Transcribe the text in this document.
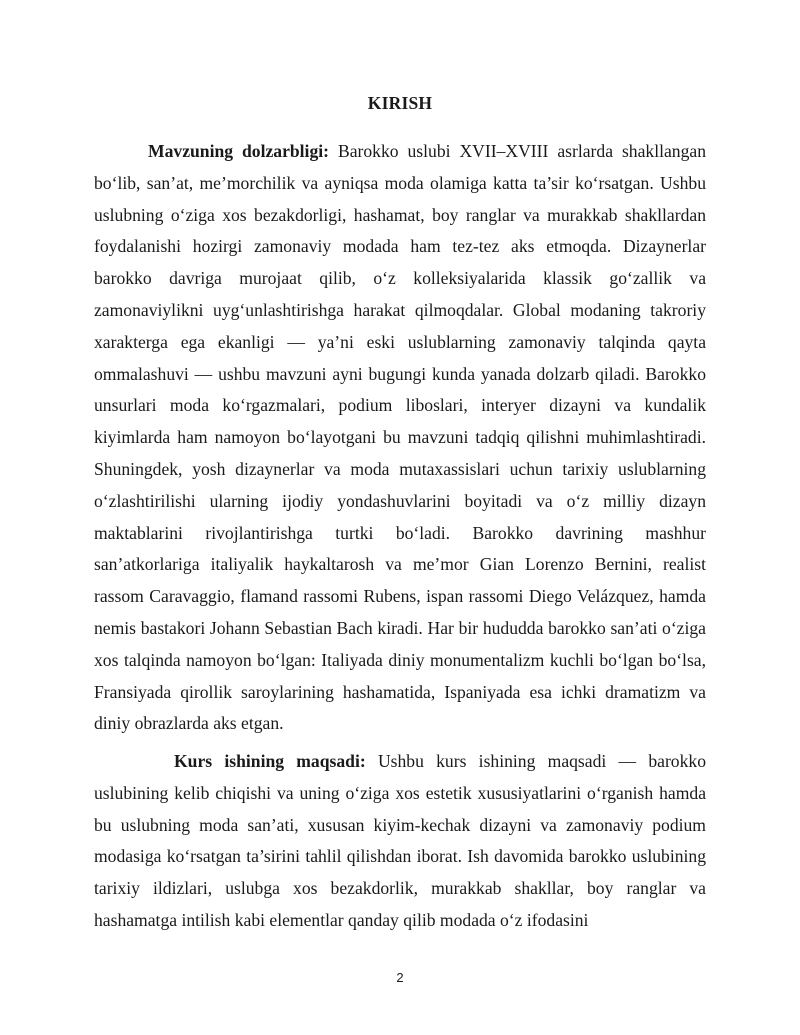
KIRISH

Mavzuning dolzarbligi: Barokko uslubi XVII–XVIII asrlarda shakllangan bo‘lib, san’at, me’morchilik va ayniqsa moda olamiga katta ta’sir ko‘rsatgan. Ushbu uslubning o‘ziga xos bezakdorligi, hashamat, boy ranglar va murakkab shakllardan foydalanishi hozirgi zamonaviy modada ham tez-tez aks etmoqda. Dizaynerlar barokko davriga murojaat qilib, o‘z kolleksiyalarida klassik go‘zallik va zamonaviylikni uyg‘unlashtirishga harakat qilmoqdalar. Global modaning takroriy xarakterga ega ekanligi — ya’ni eski uslublarning zamonaviy talqinda qayta ommalashuvi — ushbu mavzuni ayni bugungi kunda yanada dolzarb qiladi. Barokko unsurlari moda ko‘rgazmalari, podium liboslari, interyer dizayni va kundalik kiyimlarda ham namoyon bo‘layotgani bu mavzuni tadqiq qilishni muhimlashtiradi. Shuningdek, yosh dizaynerlar va moda mutaxassislari uchun tarixiy uslublarning o‘zlashtirilishi ularning ijodiy yondashuvlarini boyitadi va o‘z milliy dizayn maktablarini rivojlantirishga turtki bo‘ladi. Barokko davrining mashhur san’atkorlariga italiyalik haykaltarosh va me’mor Gian Lorenzo Bernini, realist rassom Caravaggio, flamand rassomi Rubens, ispan rassomi Diego Velázquez, hamda nemis bastakori Johann Sebastian Bach kiradi. Har bir hududda barokko san’ati o‘ziga xos talqinda namoyon bo‘lgan: Italiyada diniy monumentalizm kuchli bo‘lgan bo‘lsa, Fransiyada qirollik saroylarining hashamatida, Ispaniyada esa ichki dramatizm va diniy obrazlarda aks etgan.

Kurs ishining maqsadi: Ushbu kurs ishining maqsadi — barokko uslubining kelib chiqishi va uning o‘ziga xos estetik xususiyatlarini o‘rganish hamda bu uslubning moda san’ati, xususan kiyim-kechak dizayni va zamonaviy podium modasiga ko‘rsatgan ta’sirini tahlil qilishdan iborat. Ish davomida barokko uslubining tarixiy ildizlari, uslubga xos bezakdorlik, murakkab shakllar, boy ranglar va hashamatga intilish kabi elementlar qanday qilib modada o‘z ifodasini

2
